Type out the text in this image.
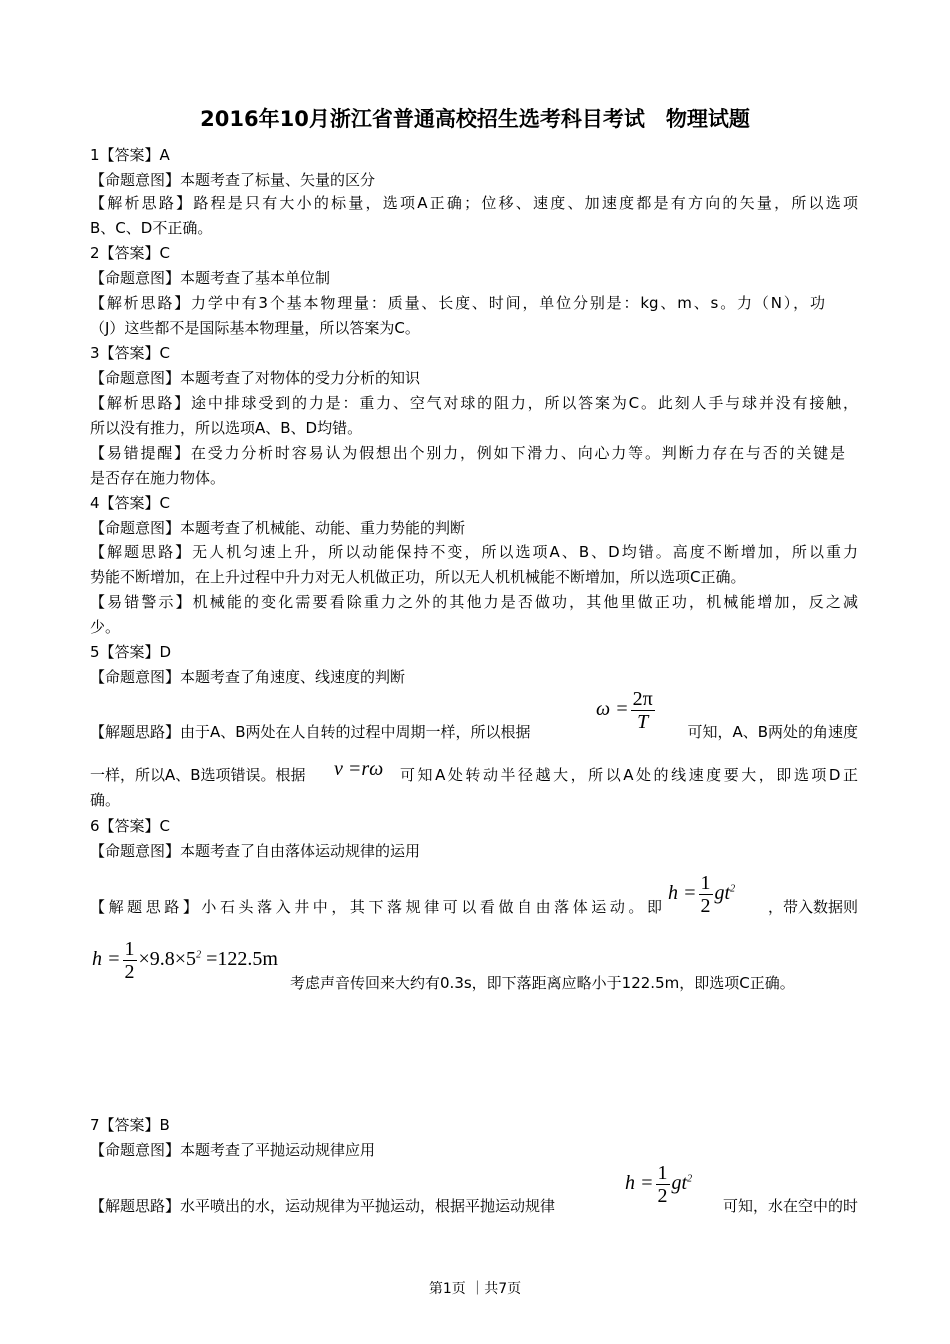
2016年10月浙江省普通高校招生选考科目考试　物理试题
1【答案】A
【命题意图】本题考查了标量、矢量的区分
【解析思路】路程是只有大小的标量，选项A正确；位移、速度、加速度都是有方向的矢量，所以选项
B、C、D不正确。
2【答案】C
【命题意图】本题考查了基本单位制
【解析思路】力学中有3个基本物理量：质量、长度、时间，单位分别是：kg、m、s。力（N），功
（J）这些都不是国际基本物理量，所以答案为C。
3【答案】C
【命题意图】本题考查了对物体的受力分析的知识
【解析思路】途中排球受到的力是：重力、空气对球的阻力，所以答案为C。此刻人手与球并没有接触，
所以没有推力，所以选项A、B、D均错。
【易错提醒】在受力分析时容易认为假想出个别力，例如下滑力、向心力等。判断力存在与否的关键是
是否存在施力物体。
4【答案】C
【命题意图】本题考查了机械能、动能、重力势能的判断
【解题思路】无人机匀速上升，所以动能保持不变，所以选项A、B、D均错。高度不断增加，所以重力
势能不断增加，在上升过程中升力对无人机做正功，所以无人机机械能不断增加，所以选项C正确。
【易错警示】机械能的变化需要看除重力之外的其他力是否做功，其他里做正功，机械能增加，反之减
少。
5【答案】D
【命题意图】本题考查了角速度、线速度的判断
【解题思路】由于A、B两处在人自转的过程中周期一样，所以根据
$\omega = \frac{2\pi}{T}$	可知，A、B两处的角速度
一样，所以A、B选项错误。根据 v =rω 可知A处转动半径越大，所以A处的线速度要大，即选项D正
确。
6【答案】C
【命题意图】本题考查了自由落体运动规律的运用
【解题思路】小石头落入井中，其下落规律可以看做自由落体运动。即
$h = \frac{1}{2} gt^2$
，带入数据则
$h = \frac{1}{2} \times 9.8\times 5^2 =122.5m$
考虑声音传回来大约有0.3s，即下落距离应略小于122.5m，即选项C正确。
7【答案】B
【命题意图】本题考查了平抛运动规律应用
【解题思路】水平喷出的水，运动规律为平抛运动，根据平抛运动规律
$h = \frac{1}{2} gt^2$
可知，水在空中的时
第1页 ｜共7页
